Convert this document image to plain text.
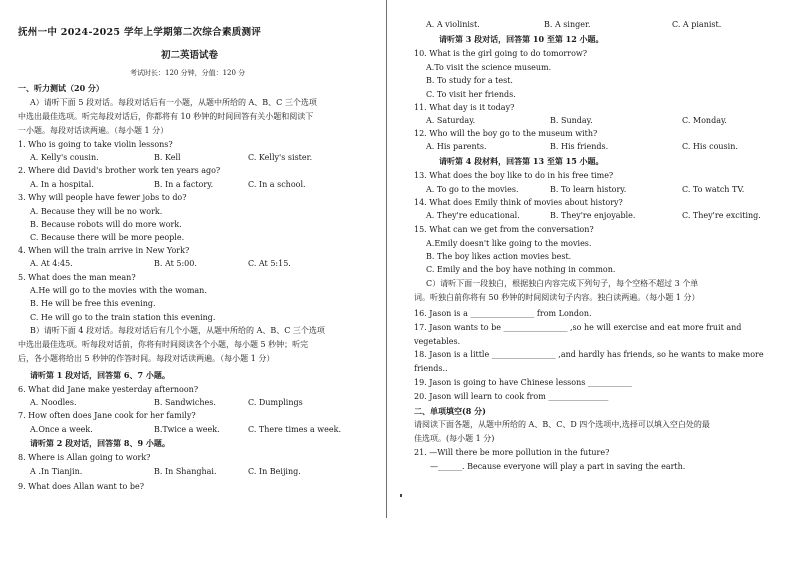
抚州一中 2024-2025 学年上学期第二次综合素质测评
初二英语试卷
考试时长：120 分钟，分值：120 分
一、听力测试（20 分）
A）请听下面 5 段对话。每段对话后有一小题，从题中所给的 A、B、C 三个选项
中选出最佳选项。听完每段对话后，你都将有 10 秒钟的时间回答有关小题和阅读下
一小题。每段对话读两遍。（每小题 1 分）
1. Who is going to take violin lessons?
A. Kelly's cousin.	B. Kell	C. Kelly's sister.
2. Where did David's brother work ten years ago?
A. In a hospital.	B. In a factory.	C. In a school.
3. Why will people have fewer jobs to do?
A. Because they will be no work.
B. Because robots will do more work.
C. Because there will be more people.
4. When will the train arrive in New York?
A. At 4:45.	B. At 5:00.	C. At 5:15.
5. What does the man mean?
A.He will go to the movies with the woman.
B. He will be free this evening.
C. He will go to the train station this evening.
B）请听下面 4 段对话。每段对话后有几个小题，从题中所给的 A、B、C 三个选项
中选出最佳选项。听每段对话前，你将有时间阅读各个小题，每小题 5 秒钟；听完
后，各小题将给出 5 秒钟的作答时间。每段对话读两遍。（每小题 1 分）
请听第 1 段对话，回答第 6、7 小题。
6. What did Jane make yesterday afternoon?
A. Noodles.	B. Sandwiches.	C. Dumplings
7. How often does Jane cook for her family?
A.Once a week.	B.Twice a week.	C. There times a week.
请听第 2 段对话，回答第 8、9 小题。
8. Where is Allan going to work?
A .In Tianjin.	B. In Shanghai.	C. In Beijing.
9. What does Allan want to be?
A. A violinist.	B. A singer.	C. A pianist.
请听第 3 段对话，回答第 10 至第 12 小题。
10. What is the girl going to do tomorrow?
A.To visit the science museum.
B. To study for a test.
C. To visit her friends.
11. What day is it today?
A. Saturday.	B. Sunday.	C. Monday.
12. Who will the boy go to the museum with?
A. His parents.	B. His friends.	C. His cousin.
请听第 4 段材料，回答第 13 至第 15 小题。
13. What does the boy like to do in his free time?
A. To go to the movies.	B. To learn history.	C. To watch TV.
14. What does Emily think of movies about history?
A. They're educational.	B. They're enjoyable.	C. They're exciting.
15. What can we get from the conversation?
A.Emily doesn't like going to the movies.
B. The boy likes action movies best.
C. Emily and the boy have nothing in common.
C）请听下面一段独白，根据独白内容完成下列句子，每个空格不超过 3 个单
词。听独白前你将有 50 秒钟的时间阅读句子内容。独白读两遍。（每小题 1 分）
16. Jason is a ________________ from London.
17. Jason wants to be ________________ ,so he will exercise and eat more fruit and
vegetables.
18. Jason is a little ________________ ,and hardly has friends, so he wants to make more
friends..
19. Jason is going to have Chinese lessons ___________
20. Jason will learn to cook from _______________
二、单项填空(8 分)
请阅读下面各题，从题中所给的 A、B、C、D 四个选项中,选择可以填入空白处的最
佳选项。(每小题 1 分)
21. —Will there be more pollution in the future?
—______. Because everyone will play a part in saving the earth.
